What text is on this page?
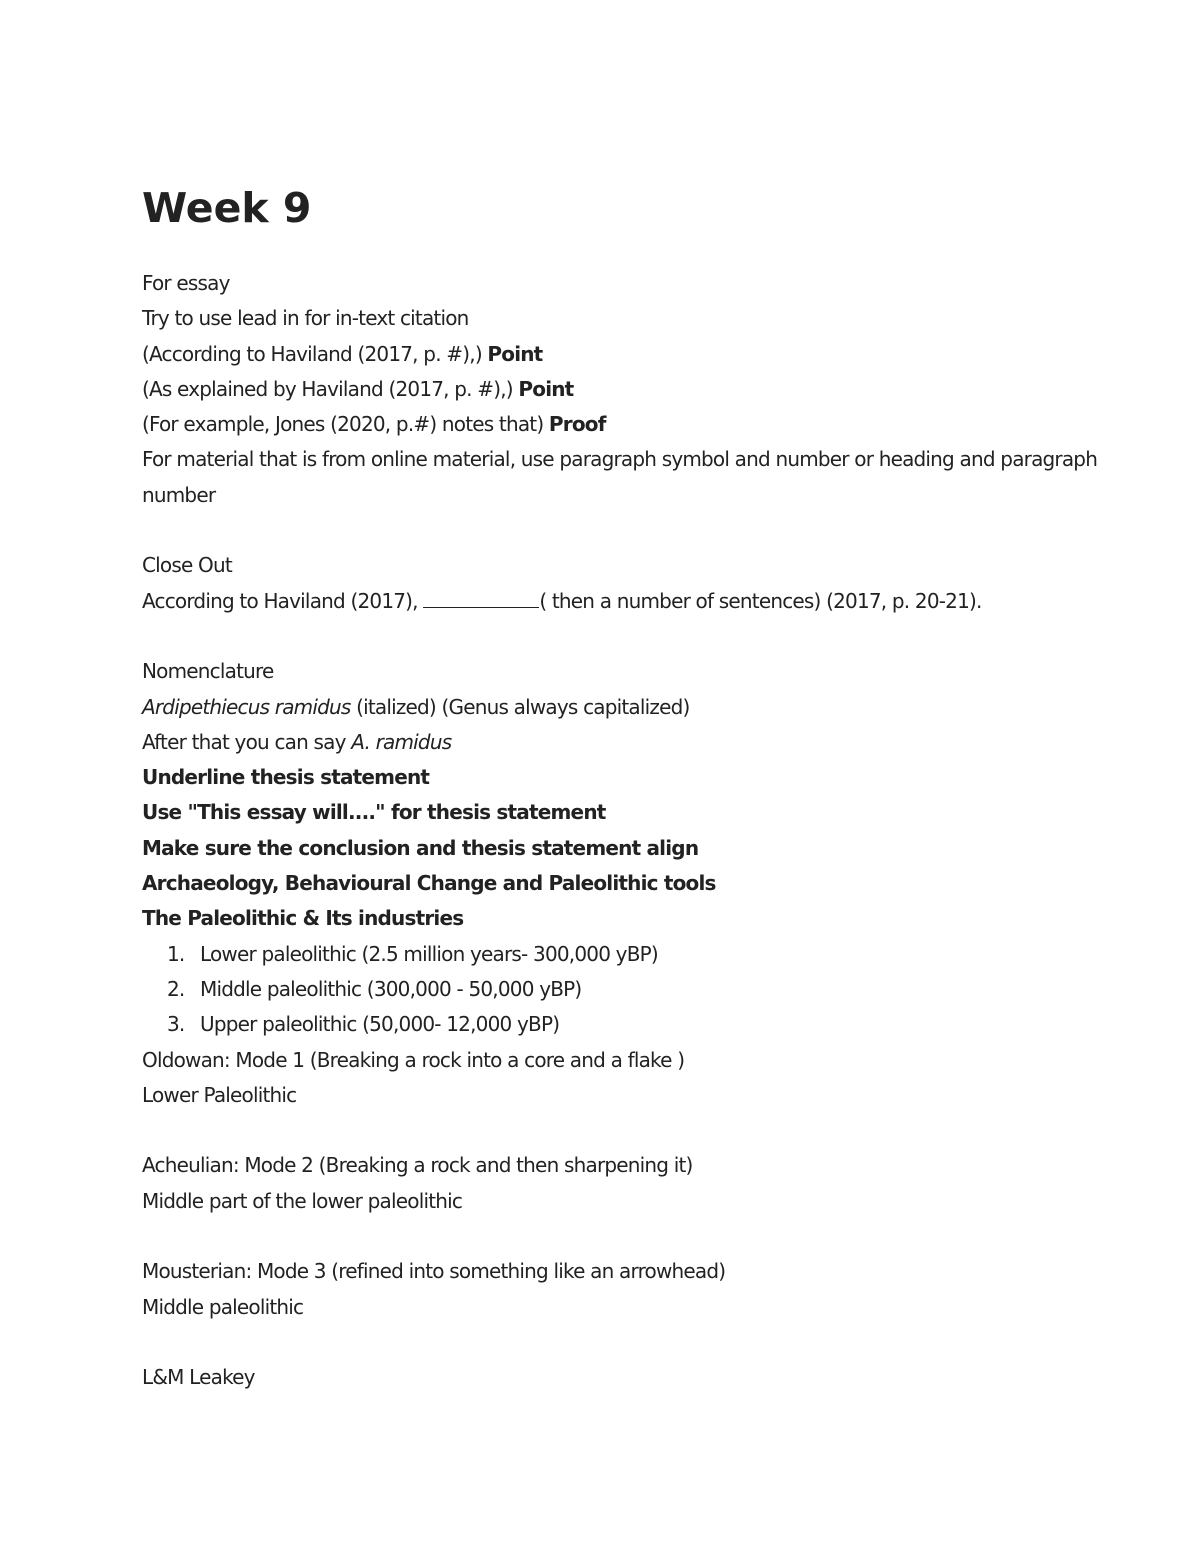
Week 9
For essay
Try to use lead in for in-text citation
(According to Haviland (2017, p. #),) Point
(As explained by Haviland (2017, p. #),) Point
(For example, Jones (2020, p.#) notes that) Proof
For material that is from online material, use paragraph symbol and number or heading and paragraph number
Close Out
According to Haviland (2017),	( then a number of sentences) (2017, p. 20-21).
Nomenclature
Ardipethiecus ramidus (italized) (Genus always capitalized)
After that you can say A. ramidus
Underline thesis statement
Use "This essay will...." for thesis statement
Make sure the conclusion and thesis statement align
Archaeology, Behavioural Change and Paleolithic tools
The Paleolithic & Its industries
1. Lower paleolithic (2.5 million years- 300,000 yBP)
2. Middle paleolithic (300,000 - 50,000 yBP)
3. Upper paleolithic (50,000- 12,000 yBP)
Oldowan: Mode 1 (Breaking a rock into a core and a flake )
Lower Paleolithic
Acheulian: Mode 2 (Breaking a rock and then sharpening it)
Middle part of the lower paleolithic
Mousterian: Mode 3 (refined into something like an arrowhead)
Middle paleolithic
L&M Leakey
